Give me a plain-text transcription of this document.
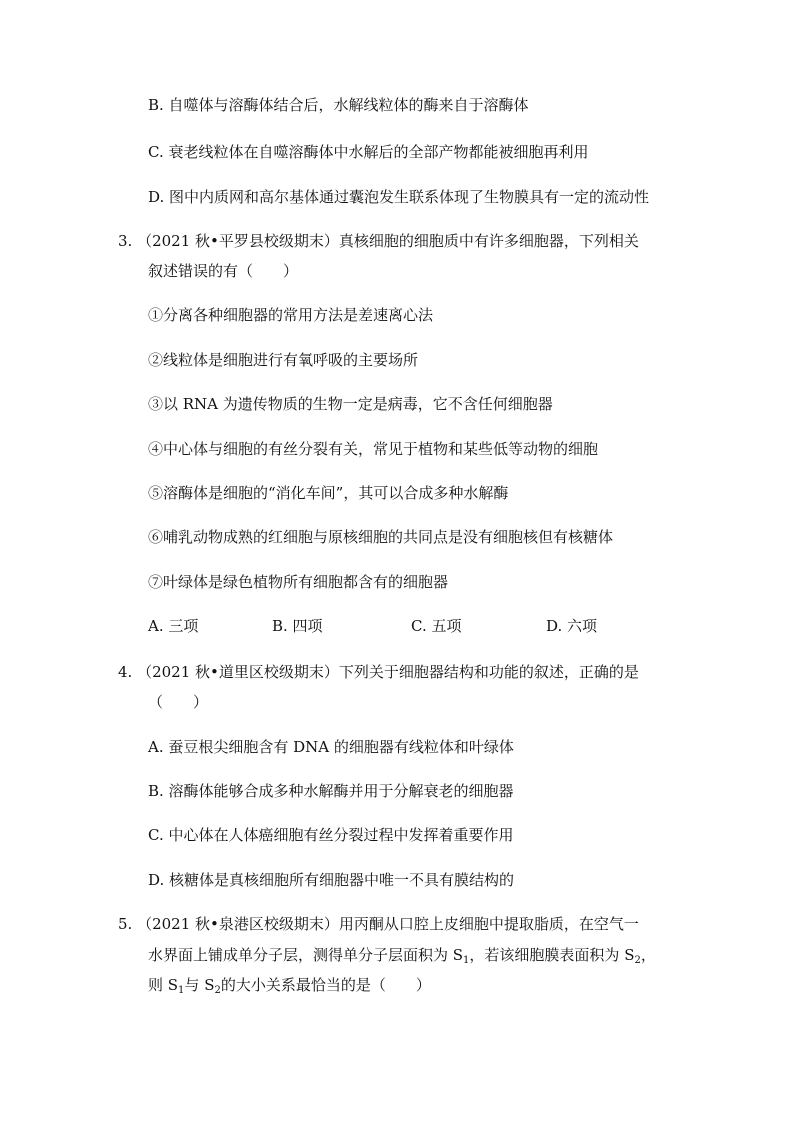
B. 自噬体与溶酶体结合后，水解线粒体的酶来自于溶酶体
C. 衰老线粒体在自噬溶酶体中水解后的全部产物都能被细胞再利用
D. 图中内质网和高尔基体通过囊泡发生联系体现了生物膜具有一定的流动性
3. （2021 秋•平罗县校级期末）真核细胞的细胞质中有许多细胞器，下列相关
叙述错误的有（　　）
①分离各种细胞器的常用方法是差速离心法
②线粒体是细胞进行有氧呼吸的主要场所
③以 RNA 为遗传物质的生物一定是病毒，它不含任何细胞器
④中心体与细胞的有丝分裂有关，常见于植物和某些低等动物的细胞
⑤溶酶体是细胞的“消化车间”，其可以合成多种水解酶
⑥哺乳动物成熟的红细胞与原核细胞的共同点是没有细胞核但有核糖体
⑦叶绿体是绿色植物所有细胞都含有的细胞器
A. 三项	B. 四项	C. 五项	D. 六项
4. （2021 秋•道里区校级期末）下列关于细胞器结构和功能的叙述，正确的是
（　　）
A. 蚕豆根尖细胞含有 DNA 的细胞器有线粒体和叶绿体
B. 溶酶体能够合成多种水解酶并用于分解衰老的细胞器
C. 中心体在人体癌细胞有丝分裂过程中发挥着重要作用
D. 核糖体是真核细胞所有细胞器中唯一不具有膜结构的
5. （2021 秋•泉港区校级期末）用丙酮从口腔上皮细胞中提取脂质，在空气一
水界面上铺成单分子层，测得单分子层面积为 $S_1$，若该细胞膜表面积为 $S_2$，
则 $S_1$与 $S_2$的大小关系最恰当的是（　　）
